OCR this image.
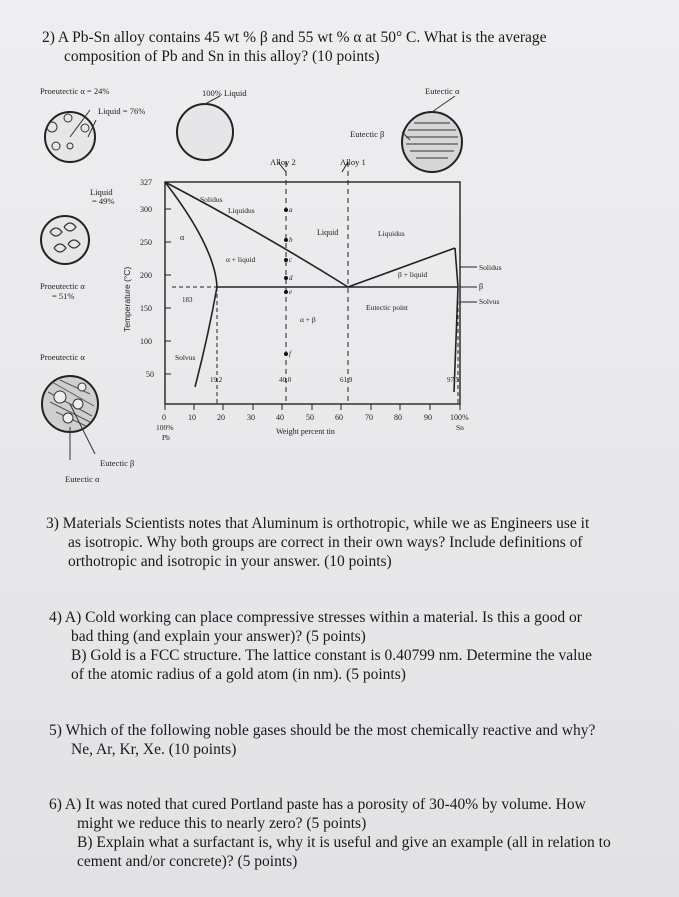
2) A Pb-Sn alloy contains 45 wt % β and 55 wt % α at 50° C. What is the average
composition of Pb and Sn in this alloy? (10 points)
Proeutectic α = 24%
Liquid = 76%
100% Liquid	Eutectic α
Eutectic β
Alloy 2	Alloy 1
Liquid
= 49%
Proeutectic α
= 51%
Proeutectic α
Eutectic β
Eutectic α
Temperature (°C)
Solidus
Liquidus
Liquid	Liquidus
Solidus
β
Solvus
α
α + liquid
β + liquid
Eutectic point
α + β
Solvus
183
19.2	40.0	61.9	97.5
a
b
c
d
e
f
327
300
250
200
150
100
50
0	10	20	30	40	50	60	70	80	90 100%
100%
Pb
Sn
Weight percent tin
3) Materials Scientists notes that Aluminum is orthotropic, while we as Engineers use it
as isotropic. Why both groups are correct in their own ways? Include definitions of
orthotropic and isotropic in your answer. (10 points)
4) A) Cold working can place compressive stresses within a material. Is this a good or
bad thing (and explain your answer)? (5 points)
B) Gold is a FCC structure. The lattice constant is 0.40799 nm. Determine the value
of the atomic radius of a gold atom (in nm). (5 points)
5) Which of the following noble gases should be the most chemically reactive and why?
Ne, Ar, Kr, Xe. (10 points)
6) A) It was noted that cured Portland paste has a porosity of 30-40% by volume. How
might we reduce this to nearly zero? (5 points)
B) Explain what a surfactant is, why it is useful and give an example (all in relation to
cement and/or concrete)? (5 points)
